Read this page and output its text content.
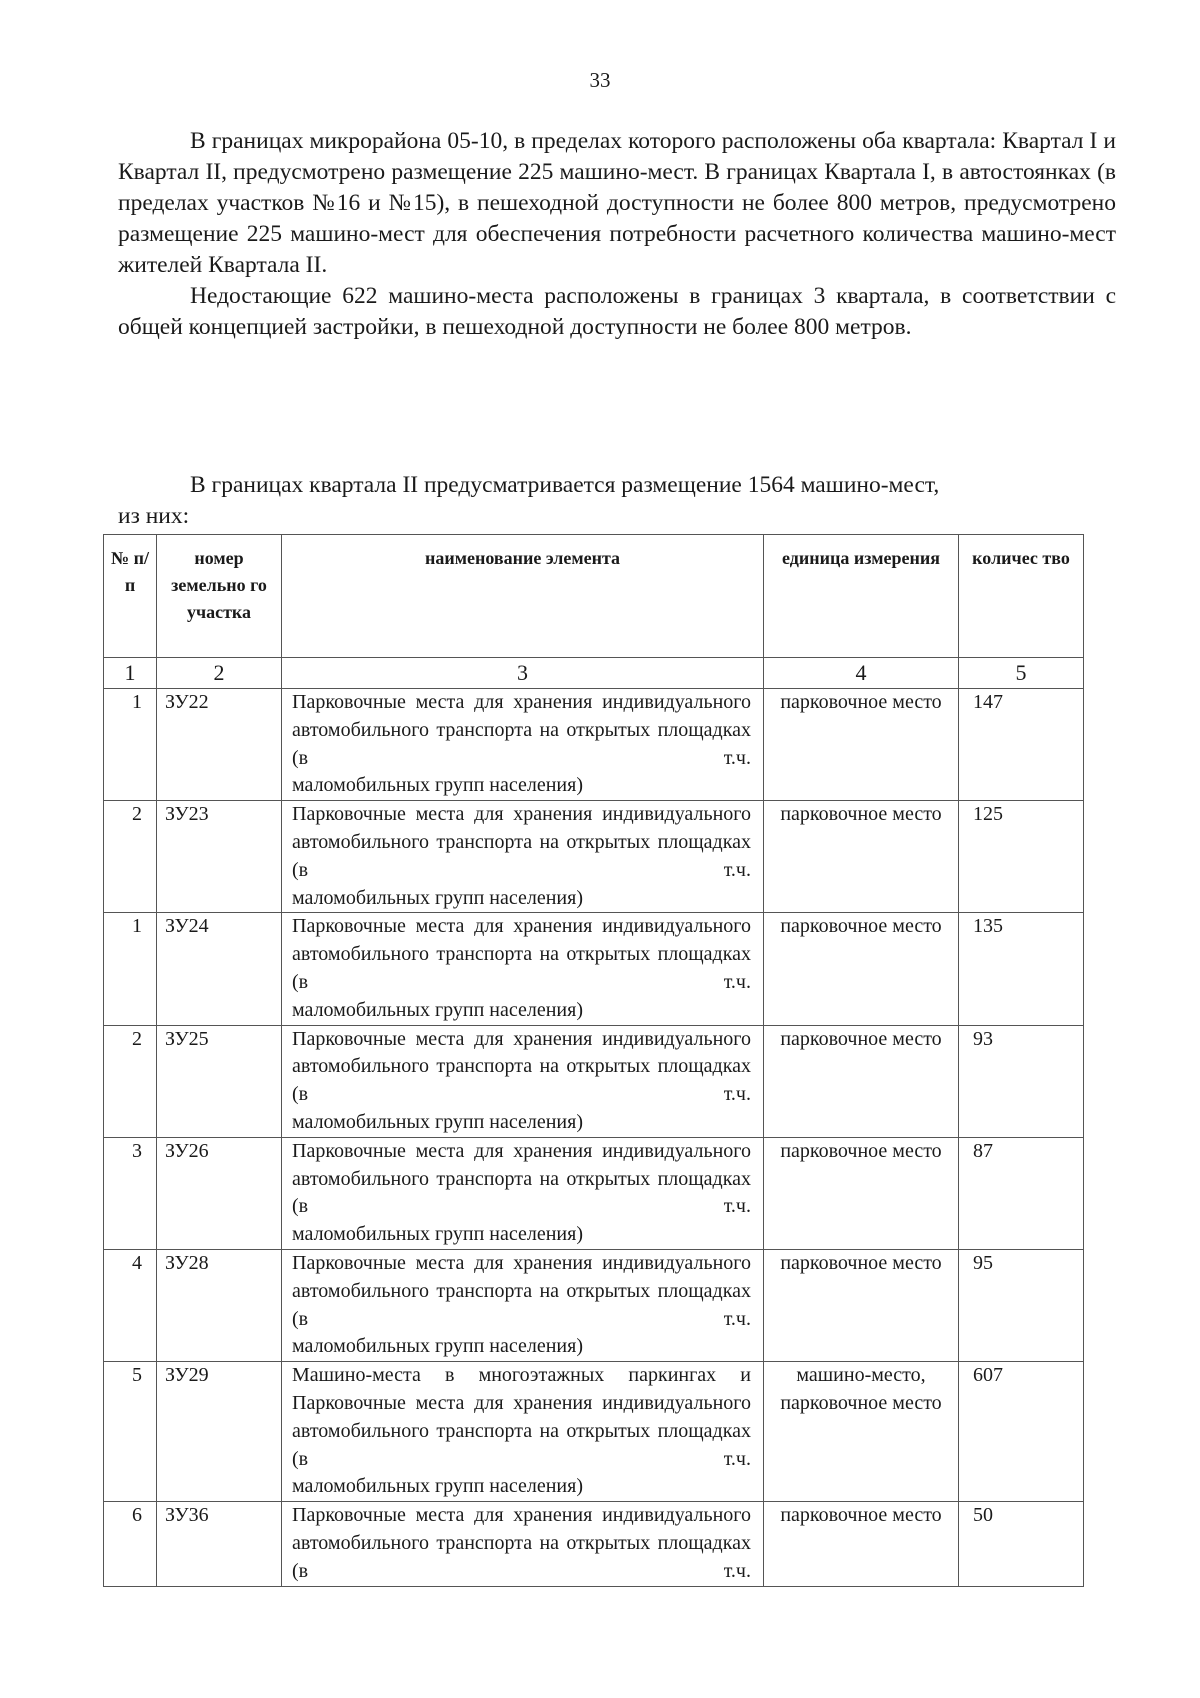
33

В границах микрорайона 05-10, в пределах которого расположены оба квартала: Квартал I и Квартал II, предусмотрено размещение 225 машино-мест. В границах Квартала I, в автостоянках (в пределах участков №16 и №15), в пешеходной доступности не более 800 метров, предусмотрено размещение 225 машино-мест для обеспечения потребности расчетного количества машино-мест жителей Квартала II.

Недостающие 622 машино-места расположены в границах 3 квартала, в соответствии с общей концепцией застройки, в пешеходной доступности не более 800 метров.

В границах квартала II предусматривается размещение 1564 машино-мест,
из них:
№ п/ п	номер земельно го участка	наименование элемента	единица измерения	количес тво
1	2	3	4	5
1	ЗУ22	Парковочные места для хранения индивидуального автомобильного транспорта на открытых площадках (в т.ч.
маломобильных групп населения)	парковочное место	147
2	ЗУ23	Парковочные места для хранения индивидуального автомобильного транспорта на открытых площадках (в т.ч.
маломобильных групп населения)	парковочное место	125
1	ЗУ24	Парковочные места для хранения индивидуального автомобильного транспорта на открытых площадках (в т.ч.
маломобильных групп населения)	парковочное место	135
2	ЗУ25	Парковочные места для хранения индивидуального автомобильного транспорта на открытых площадках (в т.ч.
маломобильных групп населения)	парковочное место	93
3	ЗУ26	Парковочные места для хранения индивидуального автомобильного транспорта на открытых площадках (в т.ч.
маломобильных групп населения)	парковочное место	87
4	ЗУ28	Парковочные места для хранения индивидуального автомобильного транспорта на открытых площадках (в т.ч.
маломобильных групп населения)	парковочное место	95
5	ЗУ29	Машино-места в многоэтажных паркингах и Парковочные места для хранения индивидуального автомобильного транспорта на открытых площадках (в т.ч.
маломобильных групп населения)	машино-место, парковочное место	607
6	ЗУ36	Парковочные места для хранения индивидуального автомобильного транспорта на открытых площадках (в т.ч.	парковочное место	50
